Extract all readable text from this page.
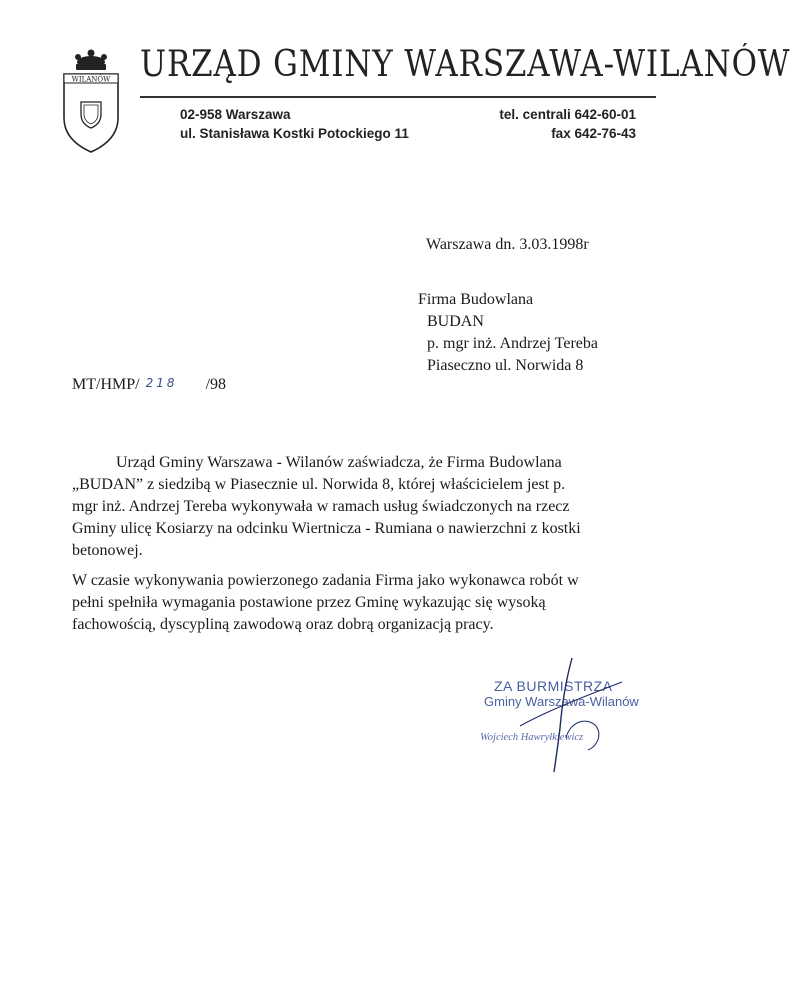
WILANÓW URZĄD GMINY WARSZAWA-WILANÓW
02-958 Warszawa
ul. Stanisława Kostki Potockiego 11
tel. centrali 642-60-01
fax 642-76-43
Warszawa dn. 3.03.1998r
Firma Budowlana
BUDAN
p. mgr inż. Andrzej Tereba
Piaseczno ul. Norwida 8
MT/HMP/ 218 /98

Urząd Gminy Warszawa - Wilanów zaświadcza, że Firma Budowlana

„BUDAN” z siedzibą w Piasecznie ul. Norwida 8, której właścicielem jest p.

mgr inż. Andrzej Tereba wykonywała w ramach usług świadczonych na rzecz

Gminy ulicę Kosiarzy na odcinku Wiertnicza - Rumiana o nawierzchni z kostki

betonowej.

W czasie wykonywania powierzonego zadania Firma jako wykonawca robót w

pełni spełniła wymagania postawione przez Gminę wykazując się wysoką

fachowością, dyscypliną zawodową oraz dobrą organizacją pracy.

ZA BURMISTRZA
Gminy Warszawa-Wilanów
Wojciech Hawryłkiewicz
